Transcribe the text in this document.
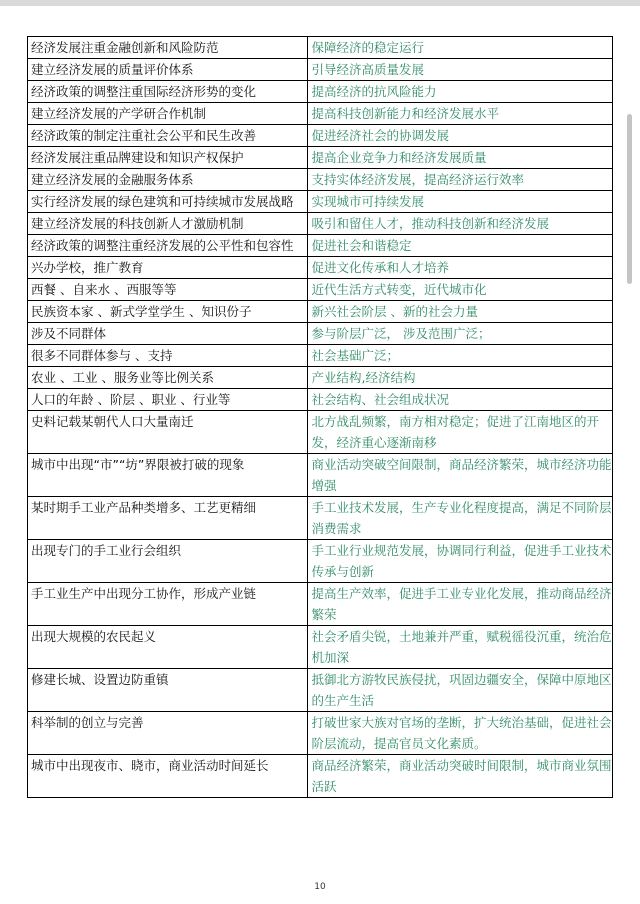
经济发展注重金融创新和风险防范	保障经济的稳定运行
建立经济发展的质量评价体系	引导经济高质量发展
经济政策的调整注重国际经济形势的变化	提高经济的抗风险能力
建立经济发展的产学研合作机制	提高科技创新能力和经济发展水平
经济政策的制定注重社会公平和民生改善	促进经济社会的协调发展
经济发展注重品牌建设和知识产权保护	提高企业竞争力和经济发展质量
建立经济发展的金融服务体系	支持实体经济发展，提高经济运行效率
实行经济发展的绿色建筑和可持续城市发展战略	实现城市可持续发展
建立经济发展的科技创新人才激励机制	吸引和留住人才，推动科技创新和经济发展
经济政策的调整注重经济发展的公平性和包容性	促进社会和谐稳定
兴办学校，推广教育	促进文化传承和人才培养
西餐 、自来水 、西服等等	近代生活方式转变，近代城市化
民族资本家 、新式学堂学生 、知识份子	新兴社会阶层 、新的社会力量
涉及不同群体	参与阶层广泛， 涉及范围广泛；
很多不同群体参与 、支持	社会基础广泛；
农业 、工业 、服务业等比例关系	产业结构,经济结构
人口的年龄 、阶层 、职业 、行业等	社会结构、社会组成状况
史料记载某朝代人口大量南迁	北方战乱频繁，南方相对稳定；促进了江南地区的开发，经济重心逐渐南移
城市中出现“市”“坊”界限被打破的现象	商业活动突破空间限制，商品经济繁荣，城市经济功能增强
某时期手工业产品种类增多、工艺更精细	手工业技术发展，生产专业化程度提高，满足不同阶层消费需求
出现专门的手工业行会组织	手工业行业规范发展，协调同行利益，促进手工业技术传承与创新
手工业生产中出现分工协作，形成产业链	提高生产效率，促进手工业专业化发展，推动商品经济繁荣
出现大规模的农民起义	社会矛盾尖锐，土地兼并严重，赋税徭役沉重，统治危机加深
修建长城、设置边防重镇	抵御北方游牧民族侵扰，巩固边疆安全，保障中原地区的生产生活
科举制的创立与完善	打破世家大族对官场的垄断，扩大统治基础，促进社会阶层流动，提高官员文化素质。
城市中出现夜市、晓市，商业活动时间延长	商品经济繁荣，商业活动突破时间限制，城市商业氛围活跃
10
